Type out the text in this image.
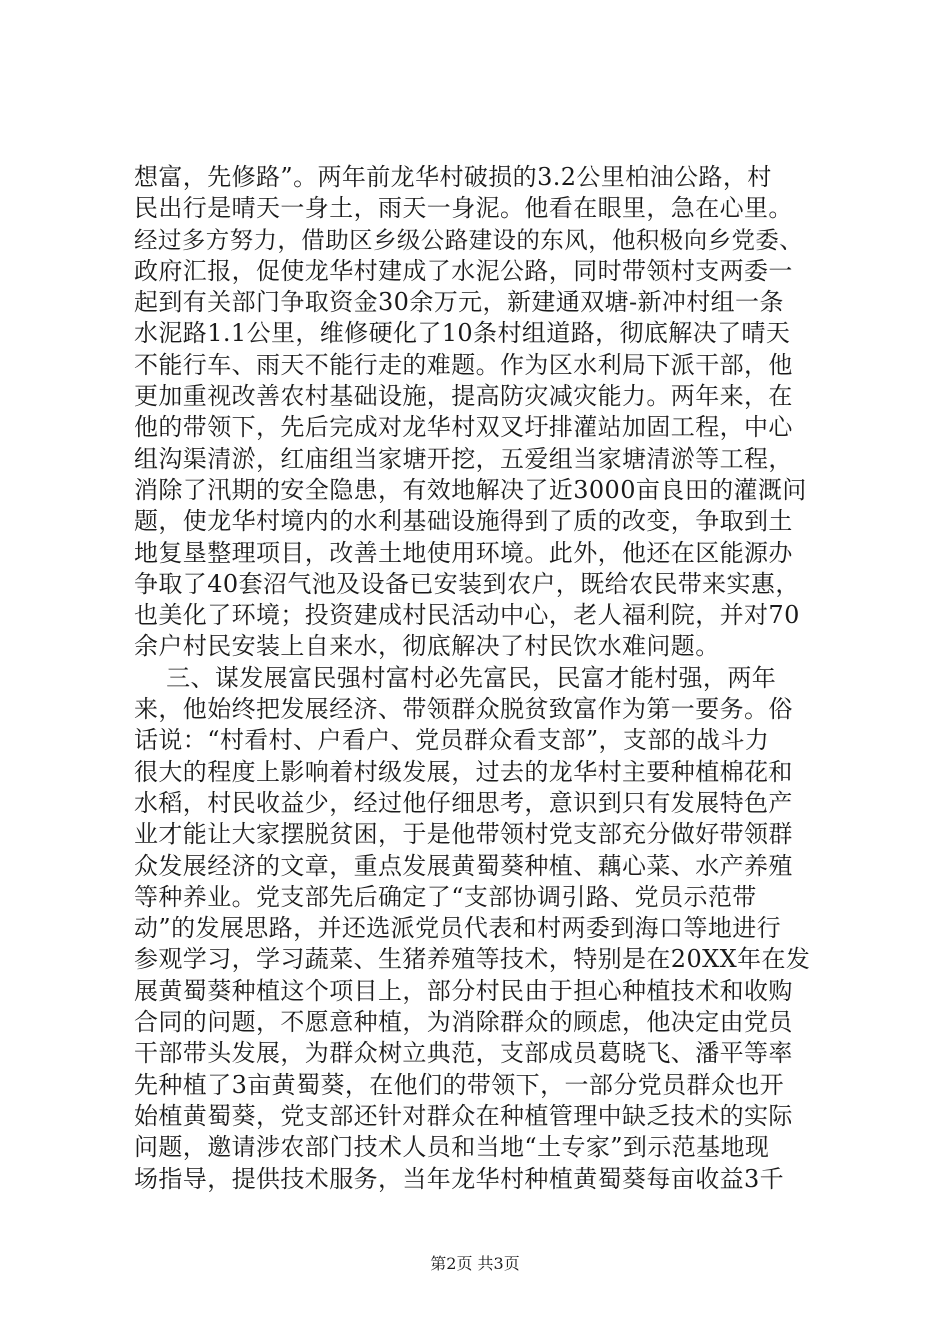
想富，先修路”。两年前龙华村破损的3.2公里柏油公路，村
民出行是晴天一身土，雨天一身泥。他看在眼里，急在心里。
经过多方努力，借助区乡级公路建设的东风，他积极向乡党委、
政府汇报，促使龙华村建成了水泥公路，同时带领村支两委一
起到有关部门争取资金30余万元，新建通双塘-新冲村组一条
水泥路1.1公里，维修硬化了10条村组道路，彻底解决了晴天
不能行车、雨天不能行走的难题。作为区水利局下派干部，他
更加重视改善农村基础设施，提高防灾减灾能力。两年来，在
他的带领下，先后完成对龙华村双叉圩排灌站加固工程，中心
组沟渠清淤，红庙组当家塘开挖，五爱组当家塘清淤等工程，
消除了汛期的安全隐患，有效地解决了近3000亩良田的灌溉问
题，使龙华村境内的水利基础设施得到了质的改变，争取到土
地复垦整理项目，改善土地使用环境。此外，他还在区能源办
争取了40套沼气池及设备已安装到农户，既给农民带来实惠，
也美化了环境；投资建成村民活动中心，老人福利院，并对70
余户村民安装上自来水，彻底解决了村民饮水难问题。
三、谋发展富民强村富村必先富民，民富才能村强，两年
来，他始终把发展经济、带领群众脱贫致富作为第一要务。俗
话说：“村看村、户看户、党员群众看支部”，支部的战斗力
很大的程度上影响着村级发展，过去的龙华村主要种植棉花和
水稻，村民收益少，经过他仔细思考，意识到只有发展特色产
业才能让大家摆脱贫困，于是他带领村党支部充分做好带领群
众发展经济的文章，重点发展黄蜀葵种植、藕心菜、水产养殖
等种养业。党支部先后确定了“支部协调引路、党员示范带
动”的发展思路，并还选派党员代表和村两委到海口等地进行
参观学习，学习蔬菜、生猪养殖等技术，特别是在20XX年在发
展黄蜀葵种植这个项目上，部分村民由于担心种植技术和收购
合同的问题，不愿意种植，为消除群众的顾虑，他决定由党员
干部带头发展，为群众树立典范，支部成员葛晓飞、潘平等率
先种植了3亩黄蜀葵，在他们的带领下，一部分党员群众也开
始植黄蜀葵，党支部还针对群众在种植管理中缺乏技术的实际
问题，邀请涉农部门技术人员和当地“土专家”到示范基地现
场指导，提供技术服务，当年龙华村种植黄蜀葵每亩收益3千
第2页 共3页
